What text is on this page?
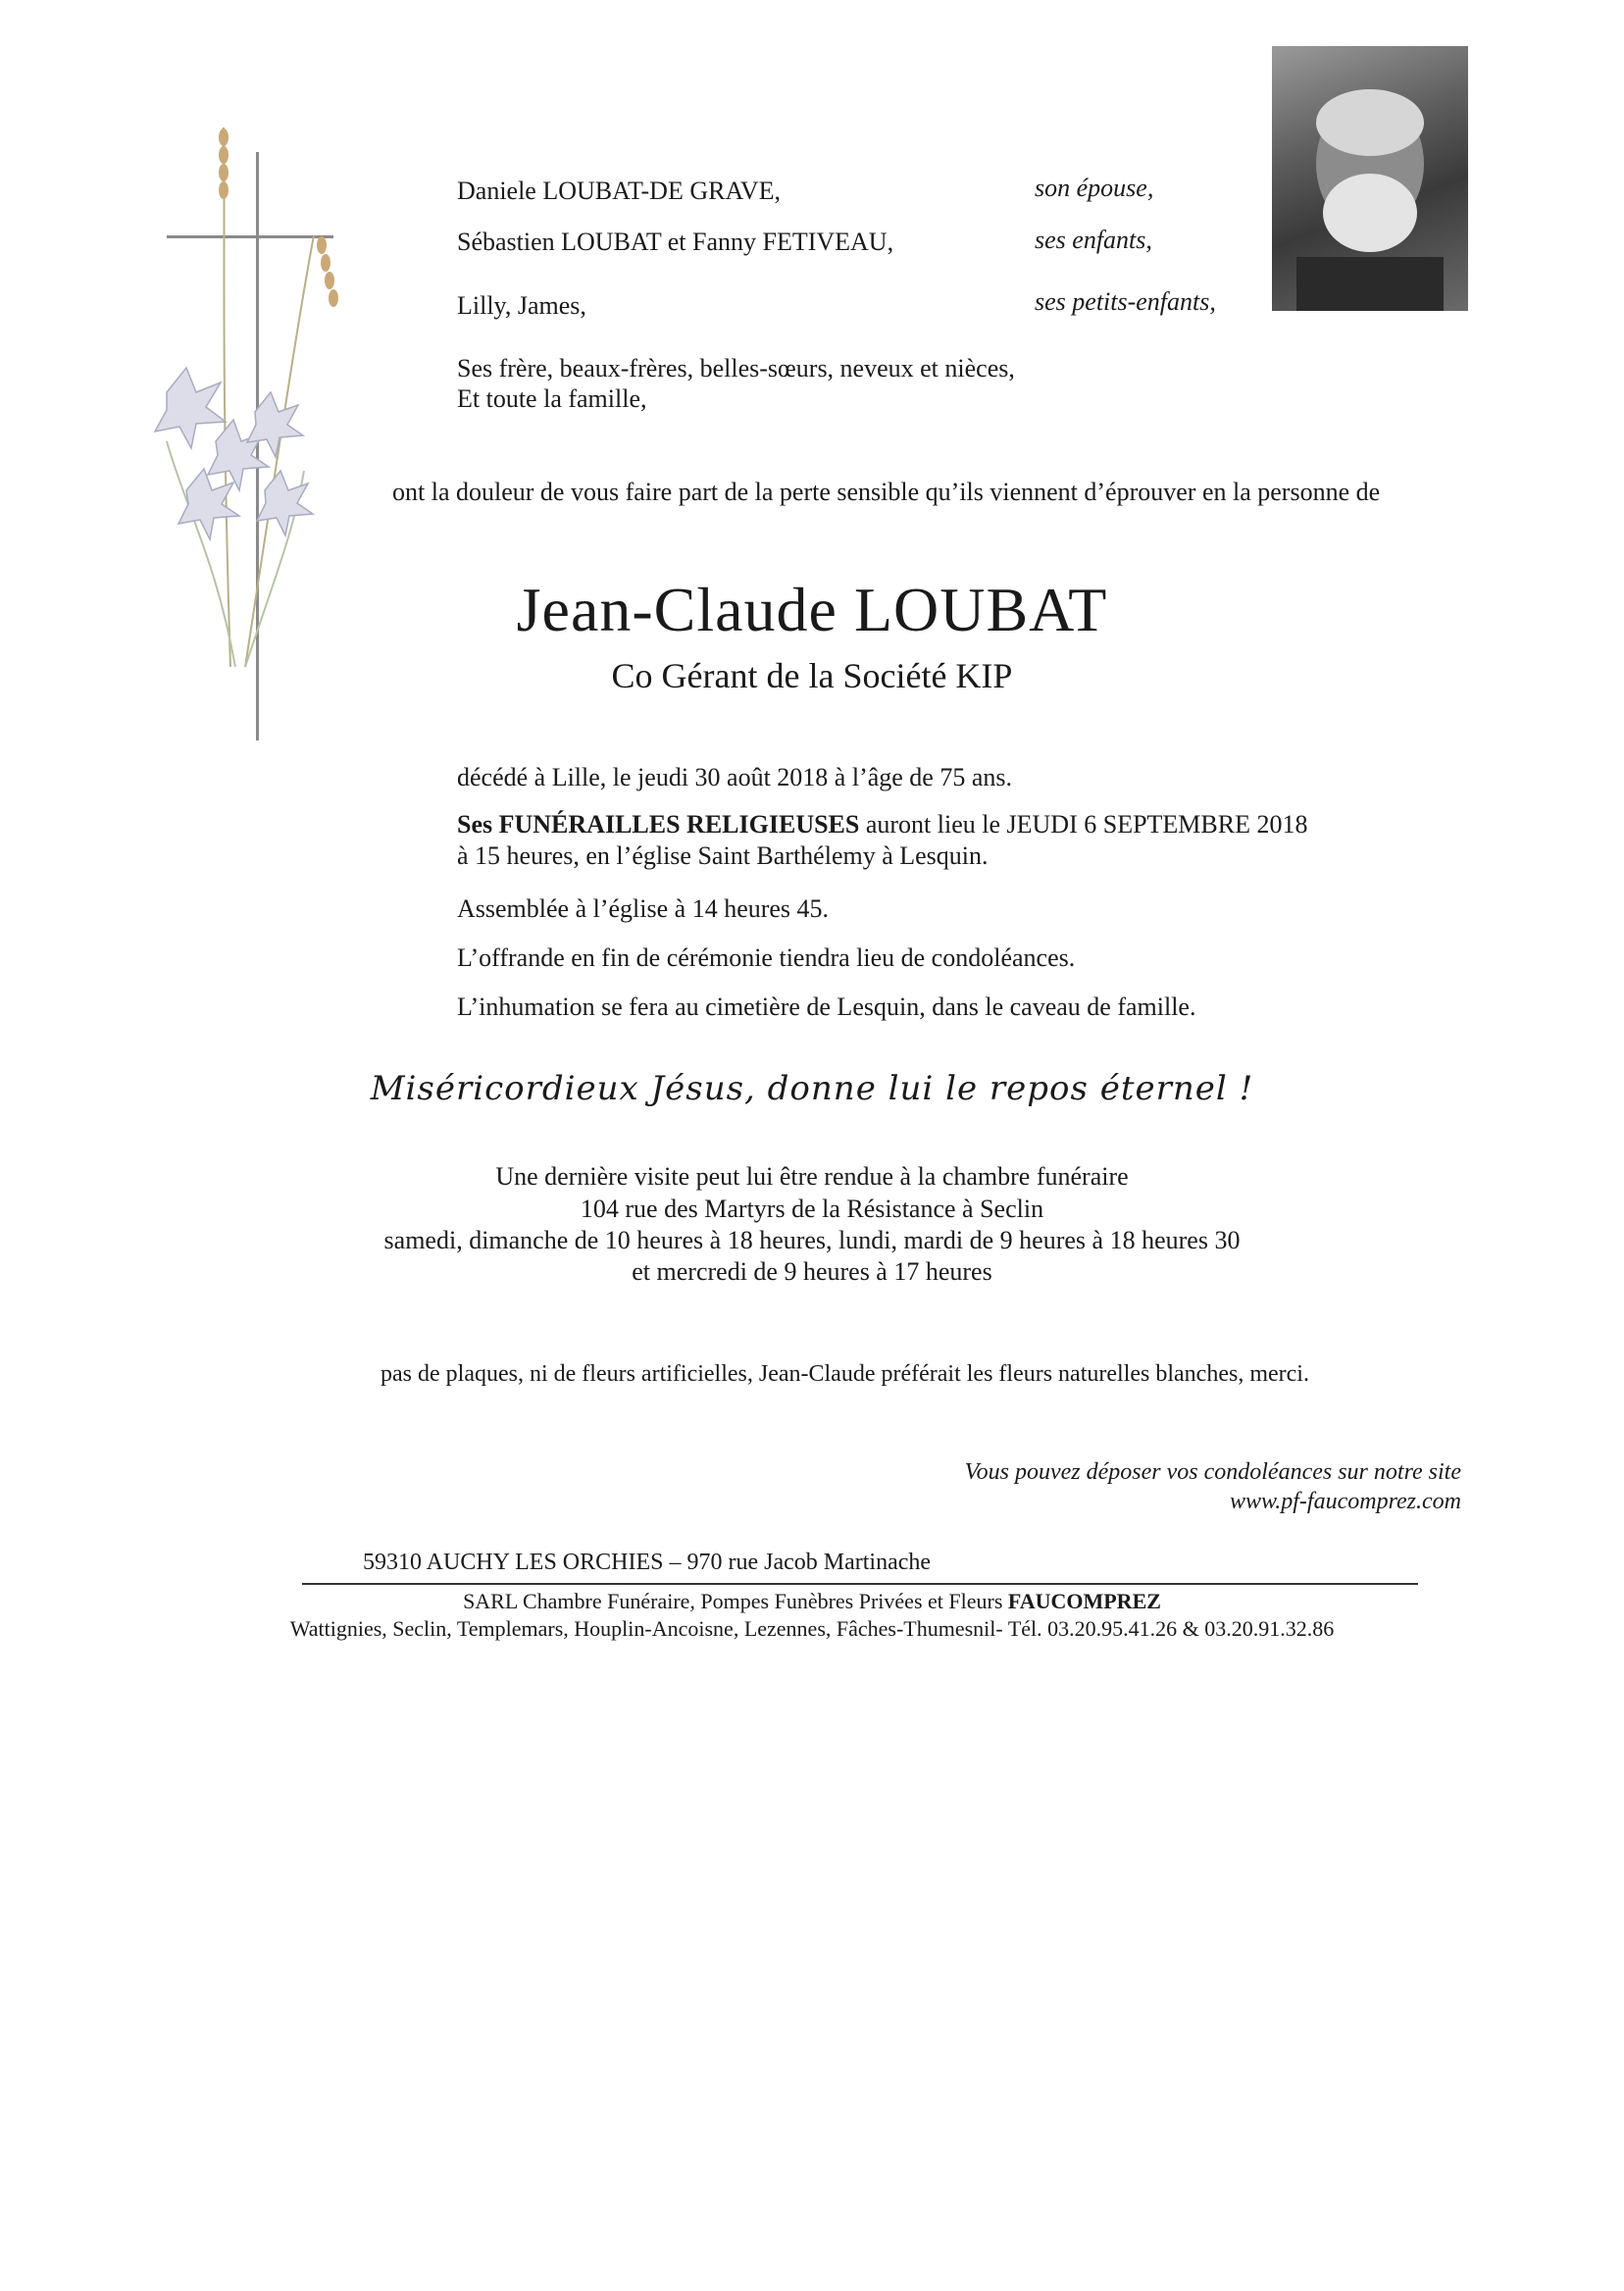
Daniele LOUBAT-DE GRAVE,	son épouse,
Sébastien LOUBAT et Fanny FETIVEAU,	ses enfants,
Lilly, James,	ses petits-enfants,
Ses frère, beaux-frères, belles-sœurs, neveux et nièces,
Et toute la famille,
ont la douleur de vous faire part de la perte sensible qu’ils viennent d’éprouver en la personne de
Jean-Claude LOUBAT
Co Gérant de la Société KIP
décédé à Lille, le jeudi 30 août 2018 à l’âge de 75 ans.
Ses FUNÉRAILLES RELIGIEUSES auront lieu le JEUDI 6 SEPTEMBRE 2018
à 15 heures, en l’église Saint Barthélemy à Lesquin.
Assemblée à l’église à 14 heures 45.
L’offrande en fin de cérémonie tiendra lieu de condoléances.
L’inhumation se fera au cimetière de Lesquin, dans le caveau de famille.
Miséricordieux Jésus, donne lui le repos éternel !
Une dernière visite peut lui être rendue à la chambre funéraire
104 rue des Martyrs de la Résistance à Seclin
samedi, dimanche de 10 heures à 18 heures, lundi, mardi de 9 heures à 18 heures 30
et mercredi de 9 heures à 17 heures
pas de plaques, ni de fleurs artificielles, Jean-Claude préférait les fleurs naturelles blanches, merci.
Vous pouvez déposer vos condoléances sur notre site
www.pf-faucomprez.com
59310 AUCHY LES ORCHIES – 970 rue Jacob Martinache
SARL Chambre Funéraire, Pompes Funèbres Privées et Fleurs FAUCOMPREZ
Wattignies, Seclin, Templemars, Houplin-Ancoisne, Lezennes, Fâches-Thumesnil- Tél. 03.20.95.41.26 & 03.20.91.32.86
